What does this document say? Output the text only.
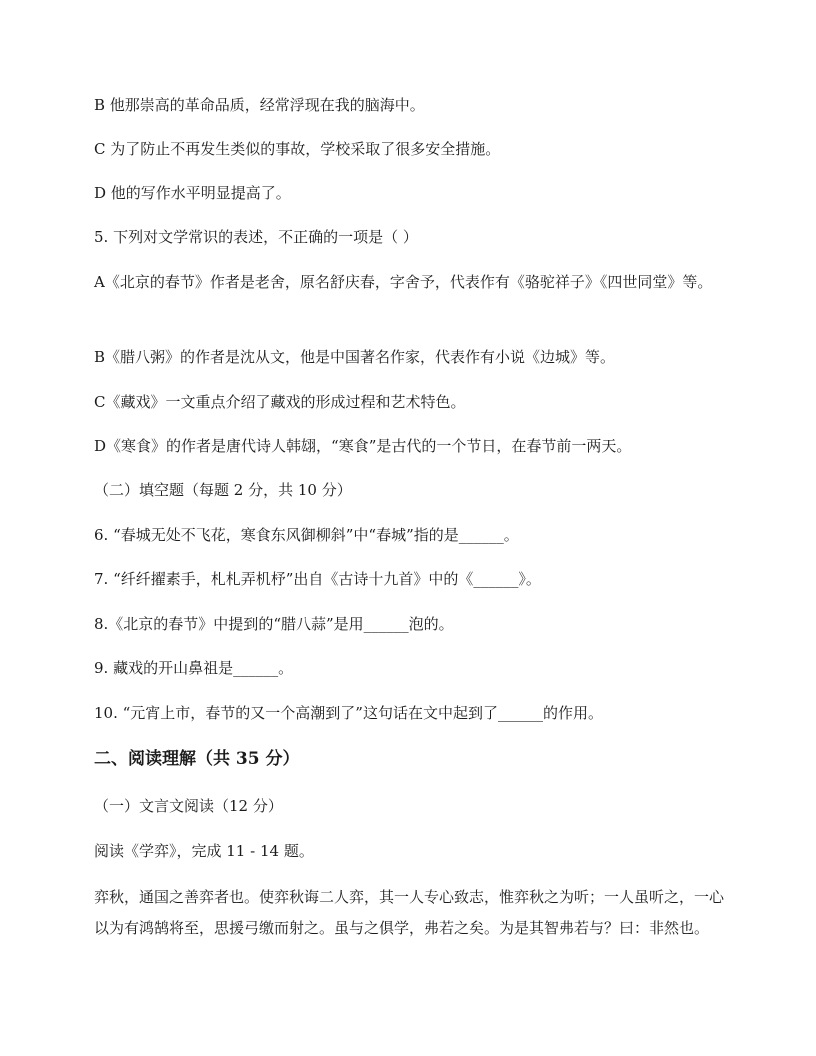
B 他那崇高的革命品质，经常浮现在我的脑海中。
C 为了防止不再发生类似的事故，学校采取了很多安全措施。
D 他的写作水平明显提高了。
5. 下列对文学常识的表述，不正确的一项是（ ）
A《北京的春节》作者是老舍，原名舒庆春，字舍予，代表作有《骆驼祥子》《四世同堂》等。
B《腊八粥》的作者是沈从文，他是中国著名作家，代表作有小说《边城》等。
C《藏戏》一文重点介绍了藏戏的形成过程和艺术特色。
D《寒食》的作者是唐代诗人韩翃，“寒食”是古代的一个节日，在春节前一两天。
（二）填空题（每题 2 分，共 10 分）
6. “春城无处不飞花，寒食东风御柳斜”中“春城”指的是______。
7. “纤纤擢素手，札札弄机杼”出自《古诗十九首》中的《______》。
8.《北京的春节》中提到的“腊八蒜”是用______泡的。
9. 藏戏的开山鼻祖是______。
10. “元宵上市，春节的又一个高潮到了”这句话在文中起到了______的作用。
二、阅读理解（共 35 分）
（一）文言文阅读（12 分）
阅读《学弈》，完成 11 - 14 题。
弈秋，通国之善弈者也。使弈秋诲二人弈，其一人专心致志，惟弈秋之为听；一人虽听之，一心以为有鸿鹄将至，思援弓缴而射之。虽与之俱学，弗若之矣。为是其智弗若与？曰：非然也。
